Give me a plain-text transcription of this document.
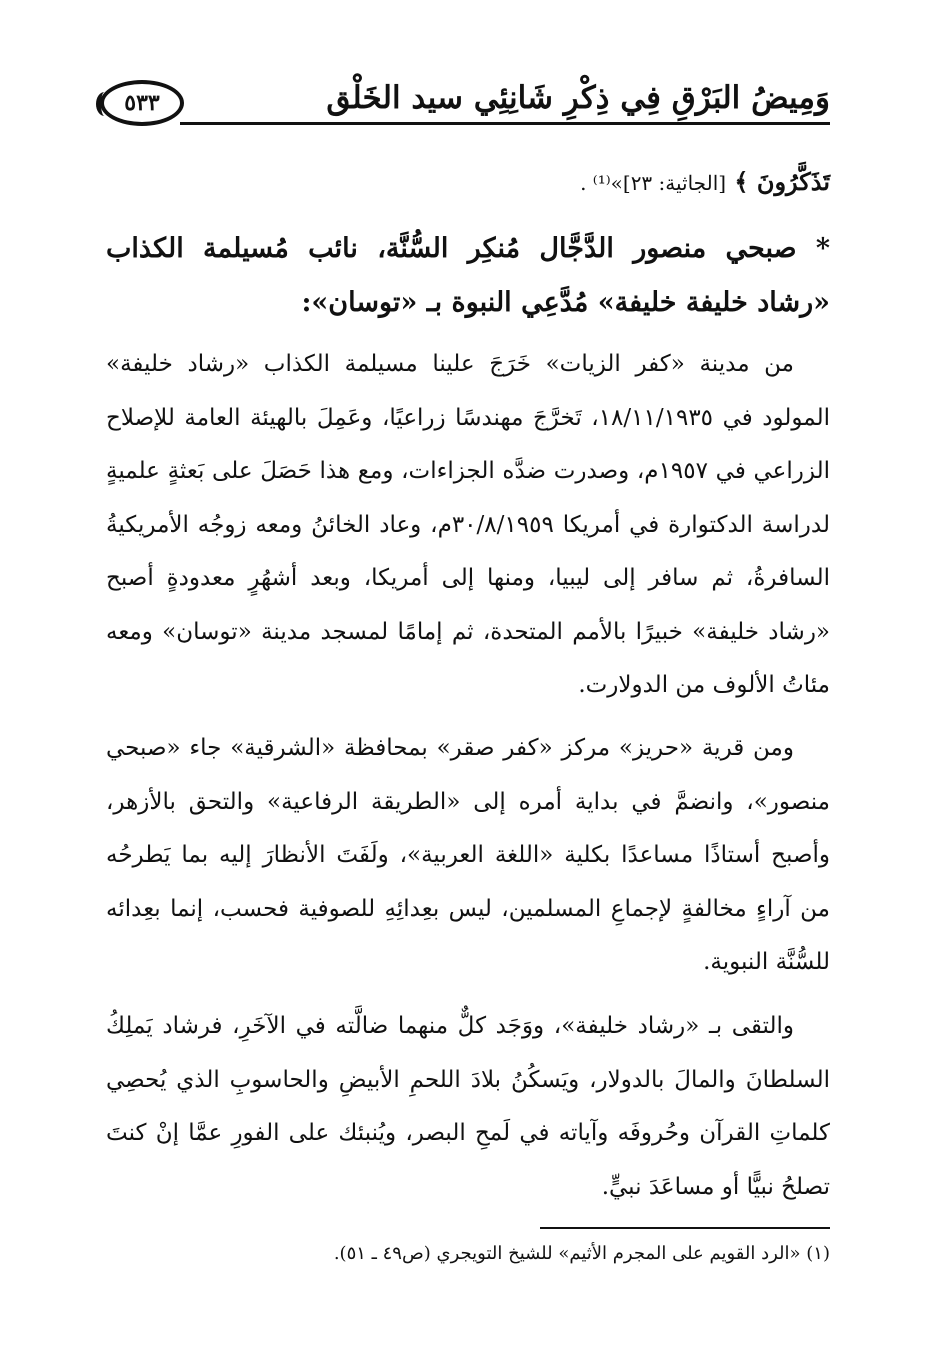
وَمِيضُ البَرْقِ فِي ذِكْرِ شَانِئِي سيد الخَلْق
٥٣٣

تَذَكَّرُونَ ﴾ [الجاثية: ٢٣]»⁽¹⁾ .

* صبحي منصور الدَّجَّال مُنكِر السُّنَّة، نائب مُسيلمة الكذاب «رشاد خليفة خليفة» مُدَّعِي النبوة بـ «توسان»:

من مدينة «كفر الزيات» خَرَجَ علينا مسيلمة الكذاب «رشاد خليفة» المولود في ١٨/١١/١٩٣٥، تَخرَّجَ مهندسًا زراعيًا، وعَمِلَ بالهيئة العامة للإصلاح الزراعي في ١٩٥٧م، وصدرت ضدَّه الجزاءات، ومع هذا حَصَلَ على بَعثةٍ علميةٍ لدراسة الدكتوارة في أمريكا ٣٠/٨/١٩٥٩م، وعاد الخائنُ ومعه زوجُه الأمريكيةُ السافرةُ، ثم سافر إلى ليبيا، ومنها إلى أمريكا، وبعد أشهُرٍ معدودةٍ أصبح «رشاد خليفة» خبيرًا بالأمم المتحدة، ثم إمامًا لمسجد مدينة «توسان» ومعه مئاتُ الألوف من الدولارت.

ومن قرية «حريز» مركز «كفر صقر» بمحافظة «الشرقية» جاء «صبحي منصور»، وانضمَّ في بداية أمره إلى «الطريقة الرفاعية» والتحق بالأزهر، وأصبح أستاذًا مساعدًا بكلية «اللغة العربية»، ولَفَتَ الأنظارَ إليه بما يَطرحُه من آراءٍ مخالفةٍ لإجماعِ المسلمين، ليس بعِدائِهِ للصوفية فحسب، إنما بعِدائه للسُّنَّة النبوية.

والتقى بـ «رشاد خليفة»، ووَجَد كلٌّ منهما ضالَّته في الآخَرِ، فرشاد يَملِكُ السلطانَ والمالَ بالدولار، ويَسكُنُ بلادَ اللحمِ الأبيضِ والحاسوبِ الذي يُحصِي كلماتِ القرآن وحُروفَه وآياته في لَمحِ البصر، ويُنبئك على الفورِ عمَّا إنْ كنتَ تصلحُ نبيًّا أو مساعَدَ نبيٍّ.

(١) «الرد القويم على المجرم الأثيم» للشيخ التويجري (ص٤٩ ـ ٥١).
